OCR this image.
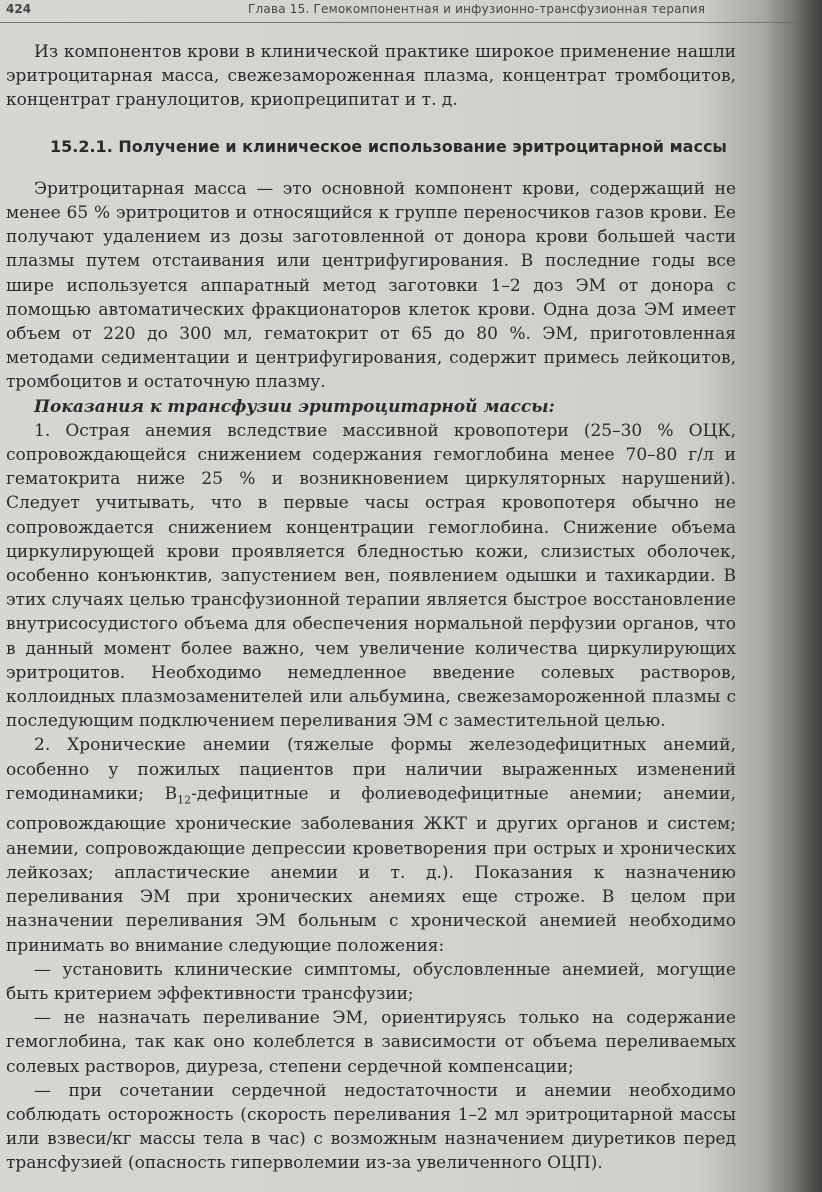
424	Глава 15. Гемокомпонентная и инфузионно-трансфузионная терапия

Из компонентов крови в клинической практике широкое применение нашли эритроцитарная масса, свежезамороженная плазма, концентрат тромбоцитов, концентрат гранулоцитов, криопреципитат и т. д.

15.2.1. Получение и клиническое использование эритроцитарной массы

Эритроцитарная масса — это основной компонент крови, содержащий не менее 65 % эритроцитов и относящийся к группе переносчиков газов крови. Ее получают удалением из дозы заготовленной от донора крови большей части плазмы путем отстаивания или центрифугирования. В последние годы все шире используется аппаратный метод заготовки 1–2 доз ЭМ от донора с помощью автоматических фракционаторов клеток крови. Одна доза ЭМ имеет объем от 220 до 300 мл, гематокрит от 65 до 80 %. ЭМ, приготовленная методами седиментации и центрифугирования, содержит примесь лейкоцитов, тромбоцитов и остаточную плазму.

Показания к трансфузии эритроцитарной массы:

1. Острая анемия вследствие массивной кровопотери (25–30 % ОЦК, сопровождающейся снижением содержания гемоглобина менее 70–80 г/л и гематокрита ниже 25 % и возникновением циркуляторных нарушений). Следует учитывать, что в первые часы острая кровопотеря обычно не сопровождается снижением концентрации гемоглобина. Снижение объема циркулирующей крови проявляется бледностью кожи, слизистых оболочек, особенно конъюнктив, запустением вен, появлением одышки и тахикардии. В этих случаях целью трансфузионной терапии является быстрое восстановление внутрисосудистого объема для обеспечения нормальной перфузии органов, что в данный момент более важно, чем увеличение количества циркулирующих эритроцитов. Необходимо немедленное введение солевых растворов, коллоидных плазмозаменителей или альбумина, свежезамороженной плазмы с последующим подключением переливания ЭМ с заместительной целью.

2. Хронические анемии (тяжелые формы железодефицитных анемий, особенно у пожилых пациентов при наличии выраженных изменений гемодинамики; $B_{12}$-дефицитные и фолиеводефицитные анемии; анемии, сопровождающие хронические заболевания ЖКТ и других органов и систем; анемии, сопровождающие депрессии кроветворения при острых и хронических лейкозах; апластические анемии и т. д.). Показания к назначению переливания ЭМ при хронических анемиях еще строже. В целом при назначении переливания ЭМ больным с хронической анемией необходимо принимать во внимание следующие положения:

— установить клинические симптомы, обусловленные анемией, могущие быть критерием эффективности трансфузии;

— не назначать переливание ЭМ, ориентируясь только на содержание гемоглобина, так как оно колеблется в зависимости от объема переливаемых солевых растворов, диуреза, степени сердечной компенсации;

— при сочетании сердечной недостаточности и анемии необходимо соблюдать осторожность (скорость переливания 1–2 мл эритроцитарной массы или взвеси/кг массы тела в час) с возможным назначением диуретиков перед трансфузией (опасность гиперволемии из-за увеличенного ОЦП).
